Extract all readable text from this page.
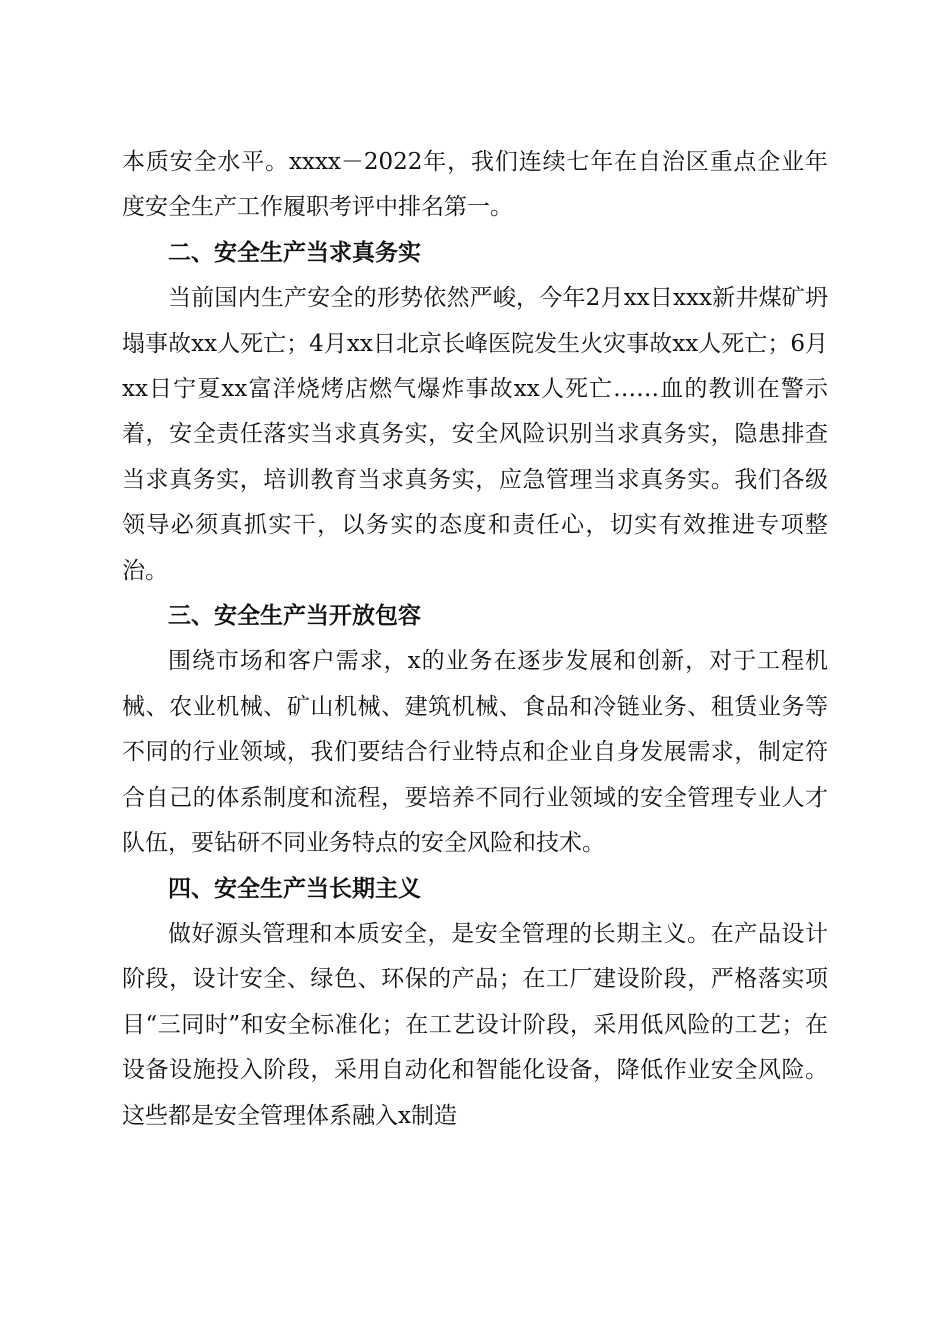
本质安全水平。xxxx－2022年，我们连续七年在自治区重点企业年度安全生产工作履职考评中排名第一。

二、安全生产当求真务实

当前国内生产安全的形势依然严峻，今年2月xx日xxx新井煤矿坍塌事故xx人死亡；4月xx日北京长峰医院发生火灾事故xx人死亡；6月xx日宁夏xx富洋烧烤店燃气爆炸事故xx人死亡……血的教训在警示着，安全责任落实当求真务实，安全风险识别当求真务实，隐患排查当求真务实，培训教育当求真务实，应急管理当求真务实。我们各级领导必须真抓实干，以务实的态度和责任心，切实有效推进专项整治。

三、安全生产当开放包容

围绕市场和客户需求，x的业务在逐步发展和创新，对于工程机械、农业机械、矿山机械、建筑机械、食品和冷链业务、租赁业务等不同的行业领域，我们要结合行业特点和企业自身发展需求，制定符合自己的体系制度和流程，要培养不同行业领域的安全管理专业人才队伍，要钻研不同业务特点的安全风险和技术。

四、安全生产当长期主义

做好源头管理和本质安全，是安全管理的长期主义。在产品设计阶段，设计安全、绿色、环保的产品；在工厂建设阶段，严格落实项目“三同时”和安全标准化；在工艺设计阶段，采用低风险的工艺；在设备设施投入阶段，采用自动化和智能化设备，降低作业安全风险。这些都是安全管理体系融入x制造
